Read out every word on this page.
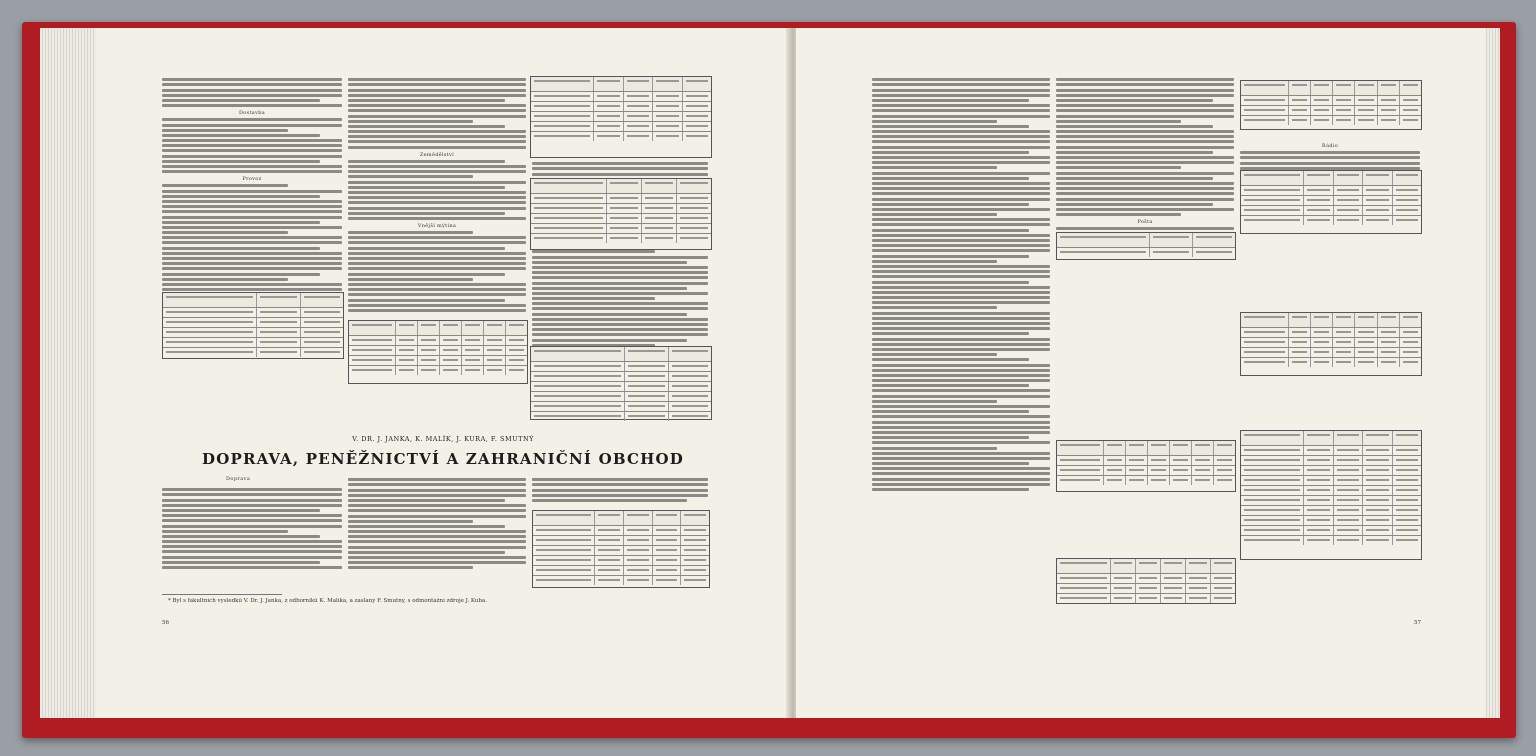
Dostavba
Provoz
Zemědělství
Vnější mýtina
V. DR. J. JANKA, K. MALÍK, J. KURA, F. SMUTNÝ
DOPRAVA, PENĚŽNICTVÍ A ZAHRANIČNÍ OBCHOD
Doprava
* Byl s fakultních výsledků V. Dr. J. Janka, z odborníků K. Malíka, a zaslaný F. Smutný, s odmontážní zdroje J. Kuba.
56
Pošta
Rádio
57
